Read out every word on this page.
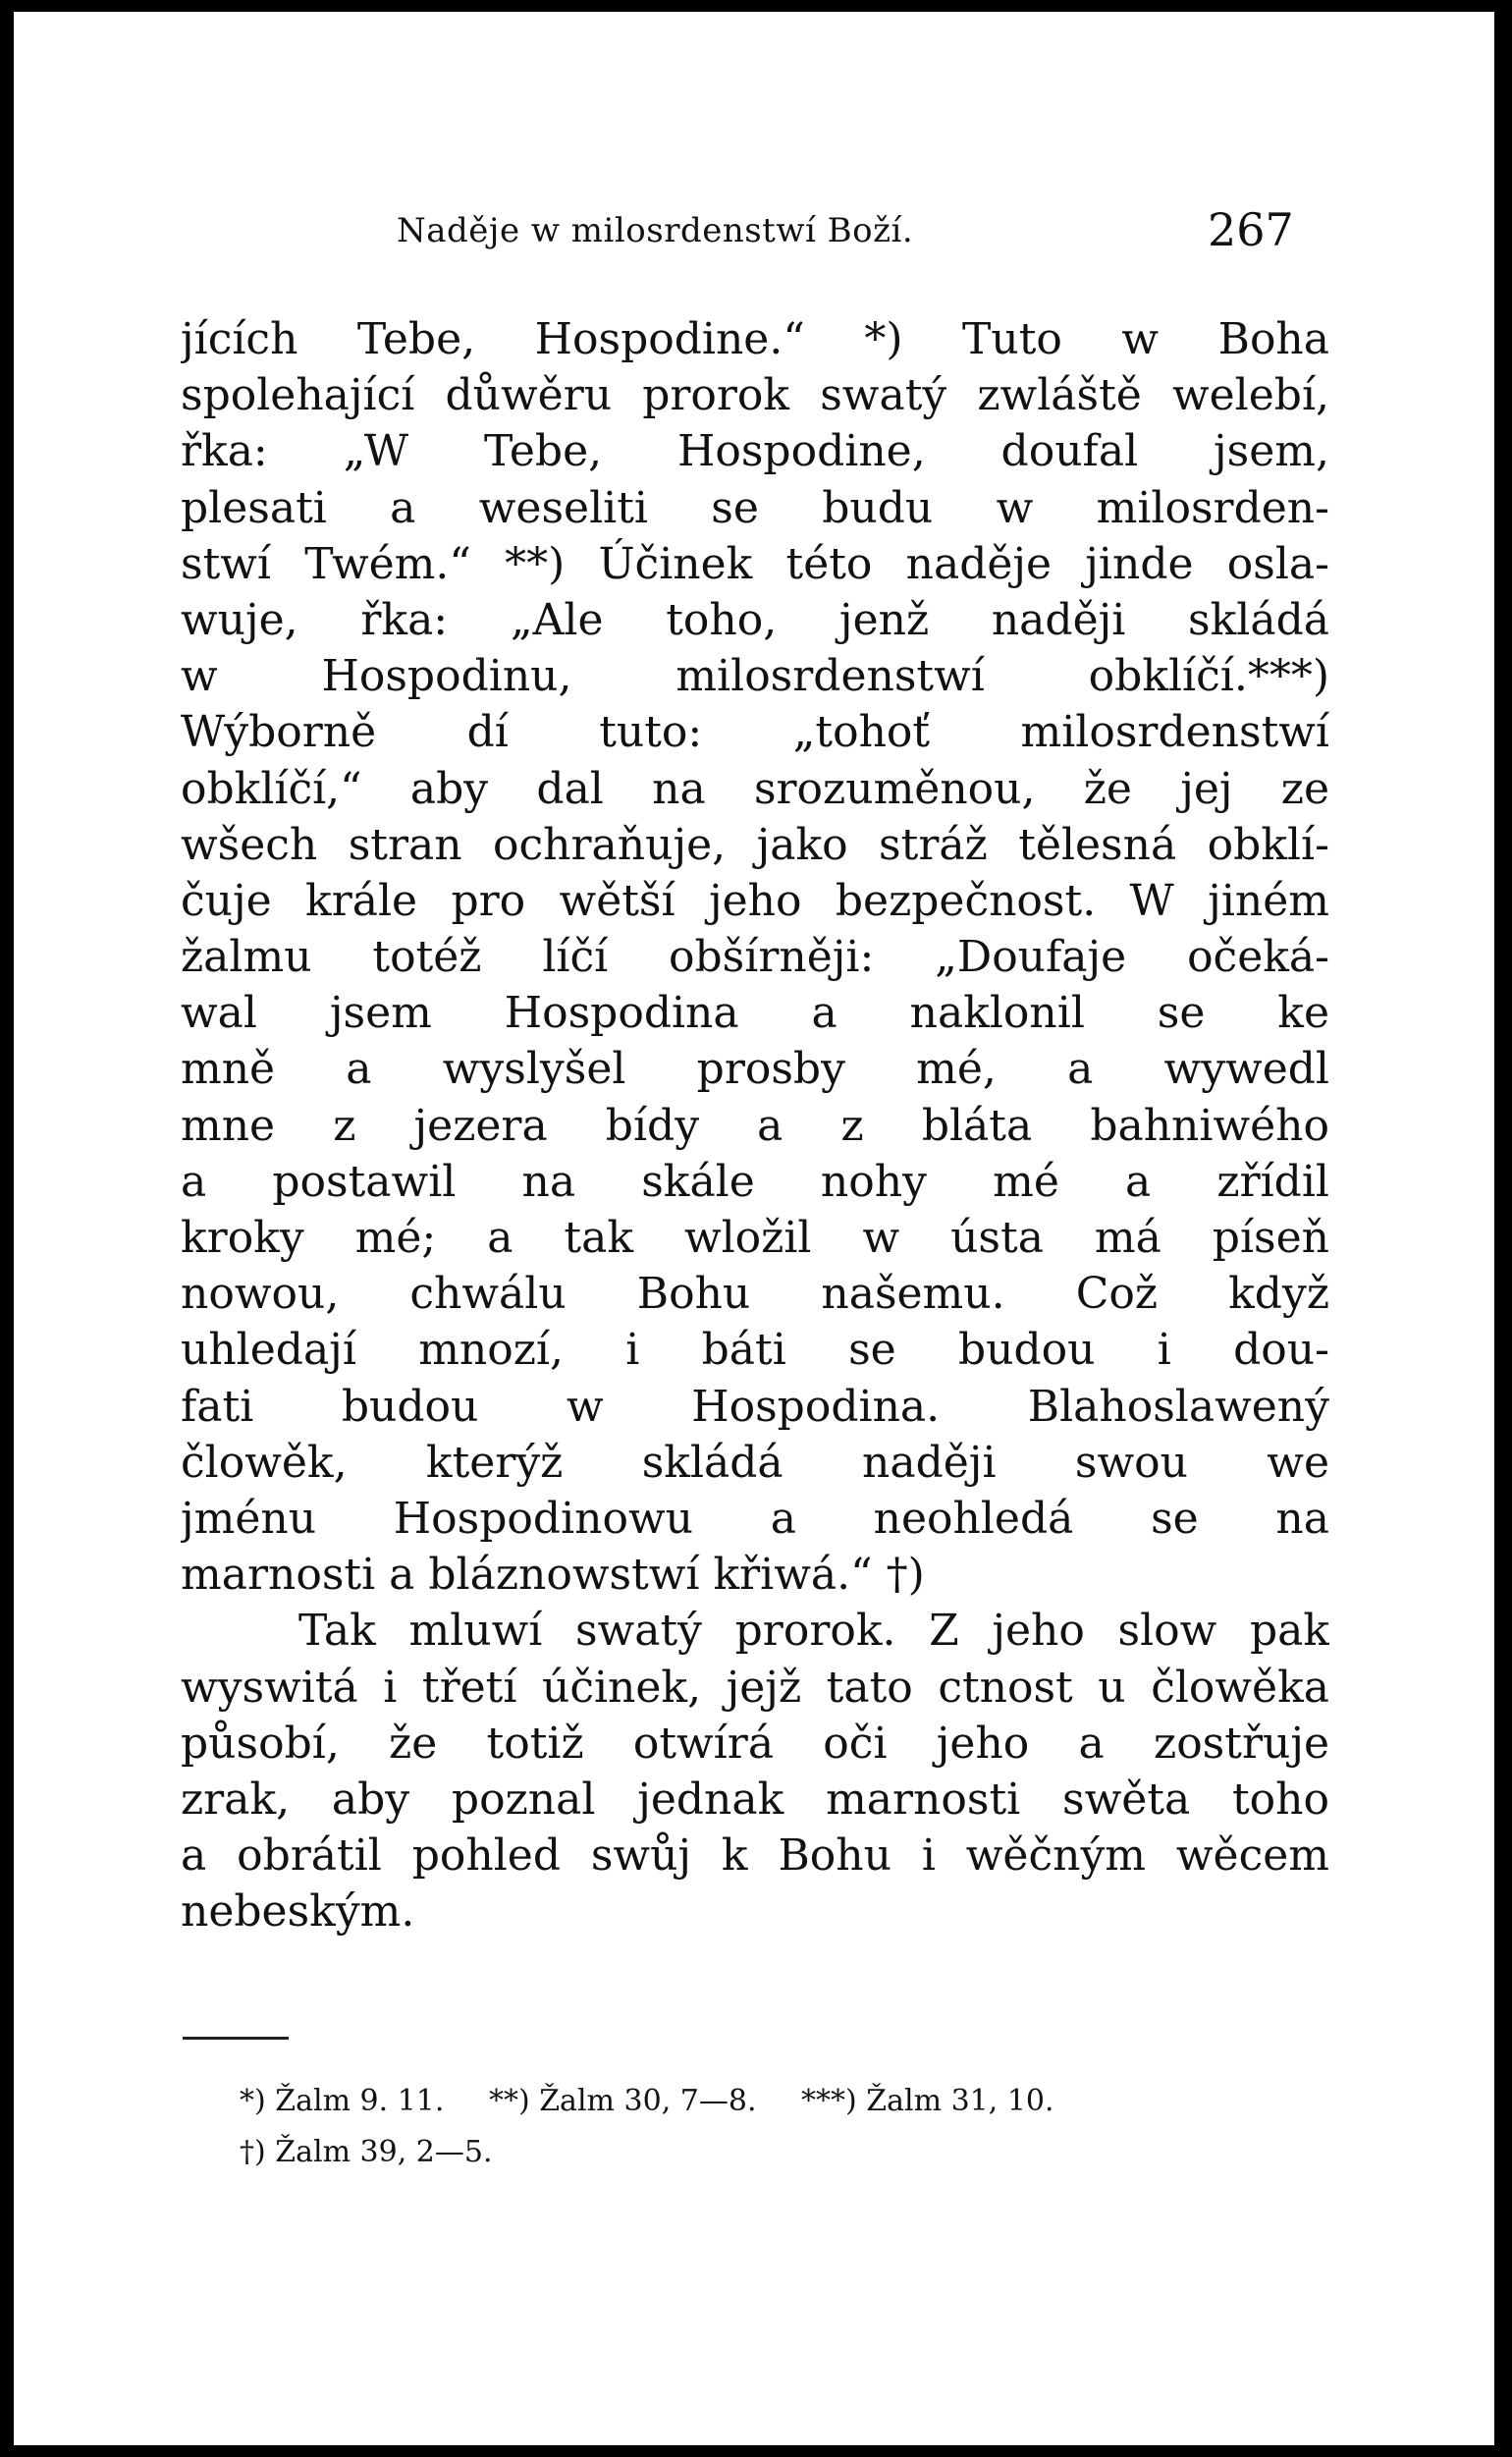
Naděje w milosrdenstwí Boží.	267
jících Tebe, Hospodine.“ *) Tuto w Boha
spolehající důwěru prorok swatý zwláště welebí,
řka: „W Tebe, Hospodine, doufal jsem,
plesati a weseliti se budu w milosrden-
stwí Twém.“ **) Účinek této naděje jinde osla-
wuje, řka: „Ale toho, jenž naději skládá
w Hospodinu, milosrdenstwí obklíčí.***)
Wýborně dí tuto: „tohoť milosrdenstwí
obklíčí,“ aby dal na srozuměnou, že jej ze
wšech stran ochraňuje, jako stráž tělesná obklí-
čuje krále pro wětší jeho bezpečnost. W jiném
žalmu totéž líčí obšírněji: „Doufaje očeká-
wal jsem Hospodina a naklonil se ke
mně a wyslyšel prosby mé, a wywedl
mne z jezera bídy a z bláta bahniwého
a postawil na skále nohy mé a zřídil
kroky mé; a tak wložil w ústa má píseň
nowou, chwálu Bohu našemu. Což když
uhledají mnozí, i báti se budou i dou-
fati budou w Hospodina. Blahoslawený
člowěk, kterýž skládá naději swou we
jménu Hospodinowu a neohledá se na
marnosti a bláznowstwí křiwá.“ †)
Tak mluwí swatý prorok. Z jeho slow pak
wyswitá i třetí účinek, jejž tato ctnost u člowěka
působí, že totiž otwírá oči jeho a zostřuje
zrak, aby poznal jednak marnosti swěta toho
a obrátil pohled swůj k Bohu i wěčným wěcem
nebeským.
*) Žalm 9. 11. **) Žalm 30, 7—8. ***) Žalm 31, 10.
†) Žalm 39, 2—5.
